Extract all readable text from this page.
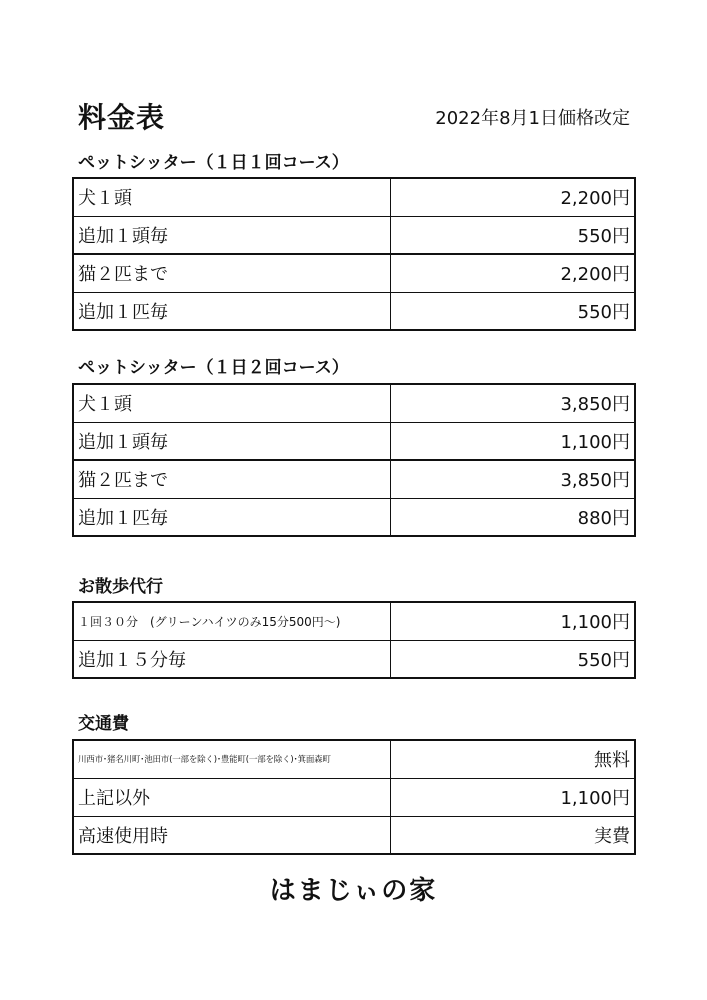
料金表	2022年8月1日価格改定
ペットシッター（１日１回コース）
犬１頭	2,200円
追加１頭毎	550円
猫２匹まで	2,200円
追加１匹毎	550円
ペットシッター（１日２回コース）
犬１頭	3,850円
追加１頭毎	1,100円
猫２匹まで	3,850円
追加１匹毎	880円
お散歩代行
１回３０分　(グリーンハイツのみ15分500円〜)	1,100円
追加１５分毎	550円
交通費
川西市･猪名川町･池田市(一部を除く)･豊能町(一部を除く)･箕面森町	無料
上記以外	1,100円
高速使用時	実費
はまじぃの家
